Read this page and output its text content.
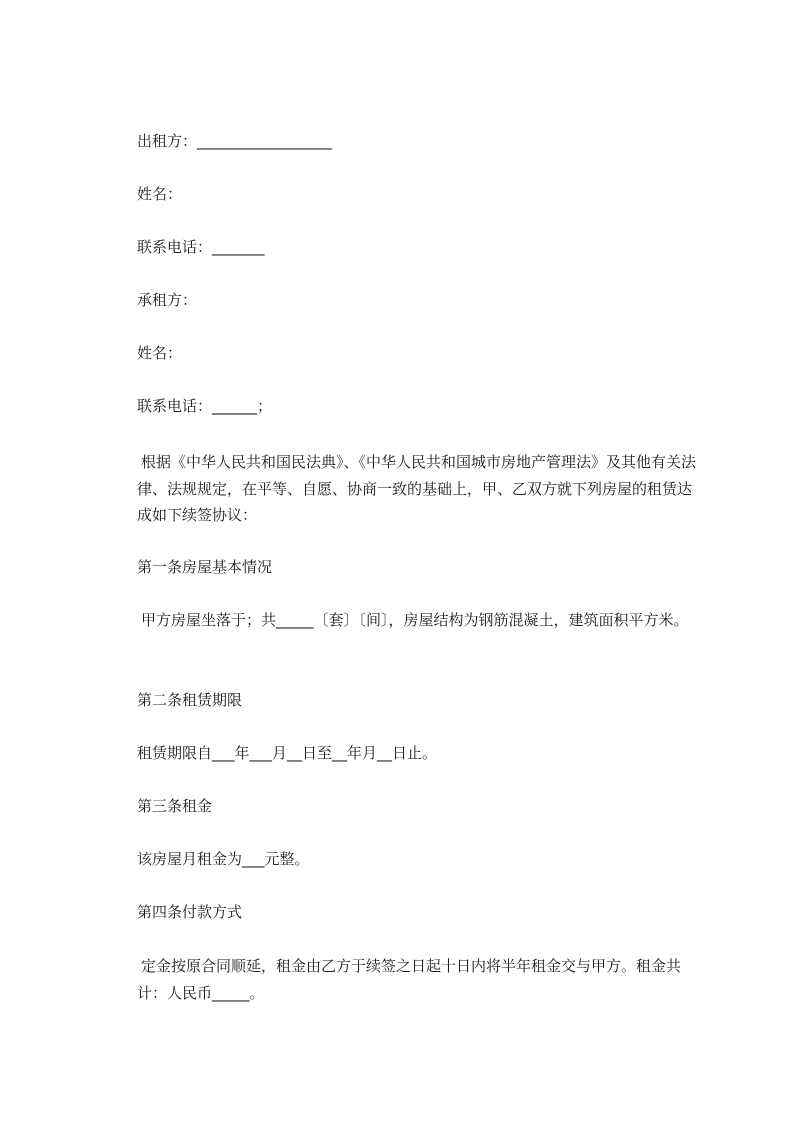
出租方：__________________
姓名：
联系电话：_______
承租方：
姓名：
联系电话：______；
根据《中华人民共和国民法典》、《中华人民共和国城市房地产管理法》及其他有关法律、法规规定，在平等、自愿、协商一致的基础上，甲、乙双方就下列房屋的租赁达成如下续签协议：
第一条房屋基本情况
甲方房屋坐落于；共_____〔套〕〔间〕，房屋结构为钢筋混凝土，建筑面积平方米。
第二条租赁期限
租赁期限自___年___月__日至__年月__日止。
第三条租金
该房屋月租金为___元整。
第四条付款方式
定金按原合同顺延，租金由乙方于续签之日起十日内将半年租金交与甲方。租金共计：人民币_____。
